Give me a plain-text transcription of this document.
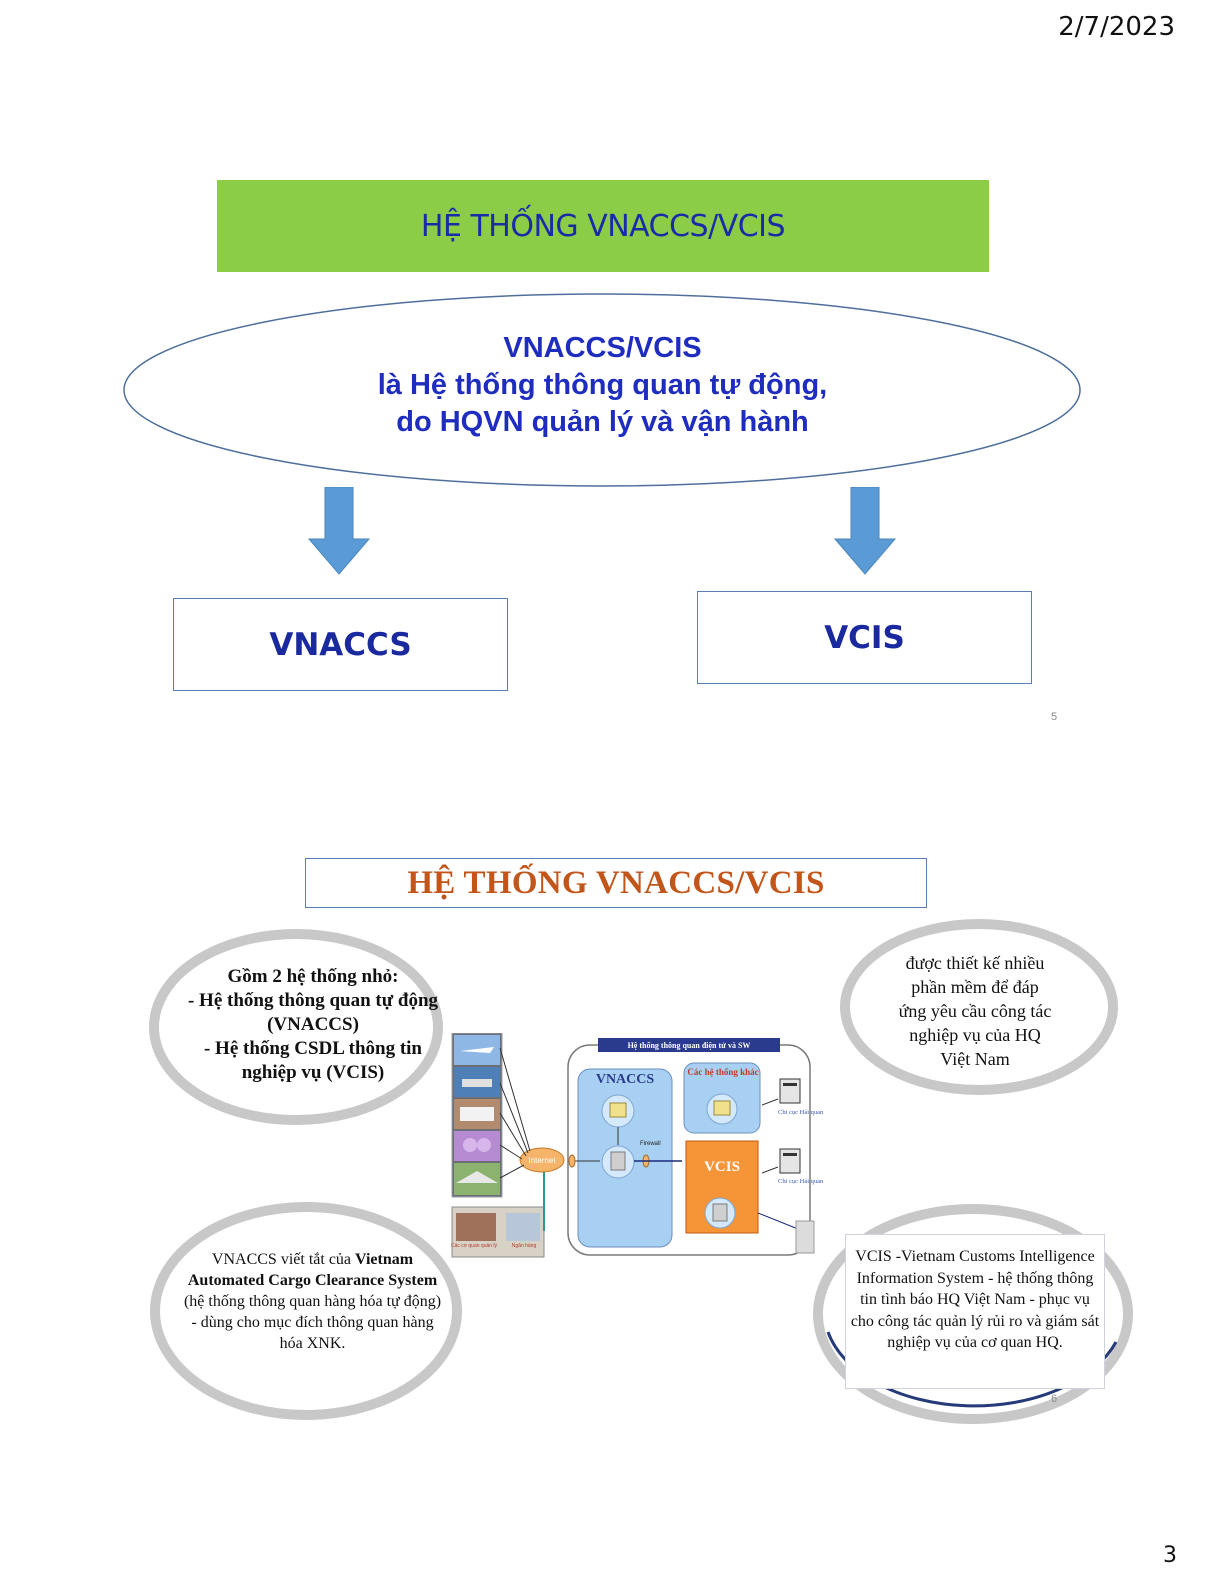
2/7/2023
3
HỆ THỐNG VNACCS/VCIS
VNACCS/VCIS
là Hệ thống thông quan tự động,
do HQVN quản lý và vận hành
VNACCS	VCIS
5
HỆ THỐNG VNACCS/VCIS
Gồm 2 hệ thống nhỏ:
- Hệ thống thông quan tự động
(VNACCS)
- Hệ thống CSDL thông tin
nghiệp vụ (VCIS)
được thiết kế nhiều
phần mềm để đáp
ứng yêu cầu công tác
nghiệp vụ của HQ
Việt Nam
VNACCS viết tắt của Vietnam Automated Cargo Clearance System (hệ thống thông quan hàng hóa tự động) - dùng cho mục đích thông quan hàng hóa XNK.
VCIS -Vietnam Customs Intelligence Information System - hệ thống thông tin tình báo HQ Việt Nam - phục vụ cho công tác quản lý rủi ro và giám sát nghiệp vụ của cơ quan HQ.
Internet
Hệ thống thông quan điện tử và SW
VNACCS
Firewall
Các hệ thống khác
VCIS
Chi cục Hải quan
Chi cục Hải quan
Các cơ quan quản lý	Ngân hàng
6
